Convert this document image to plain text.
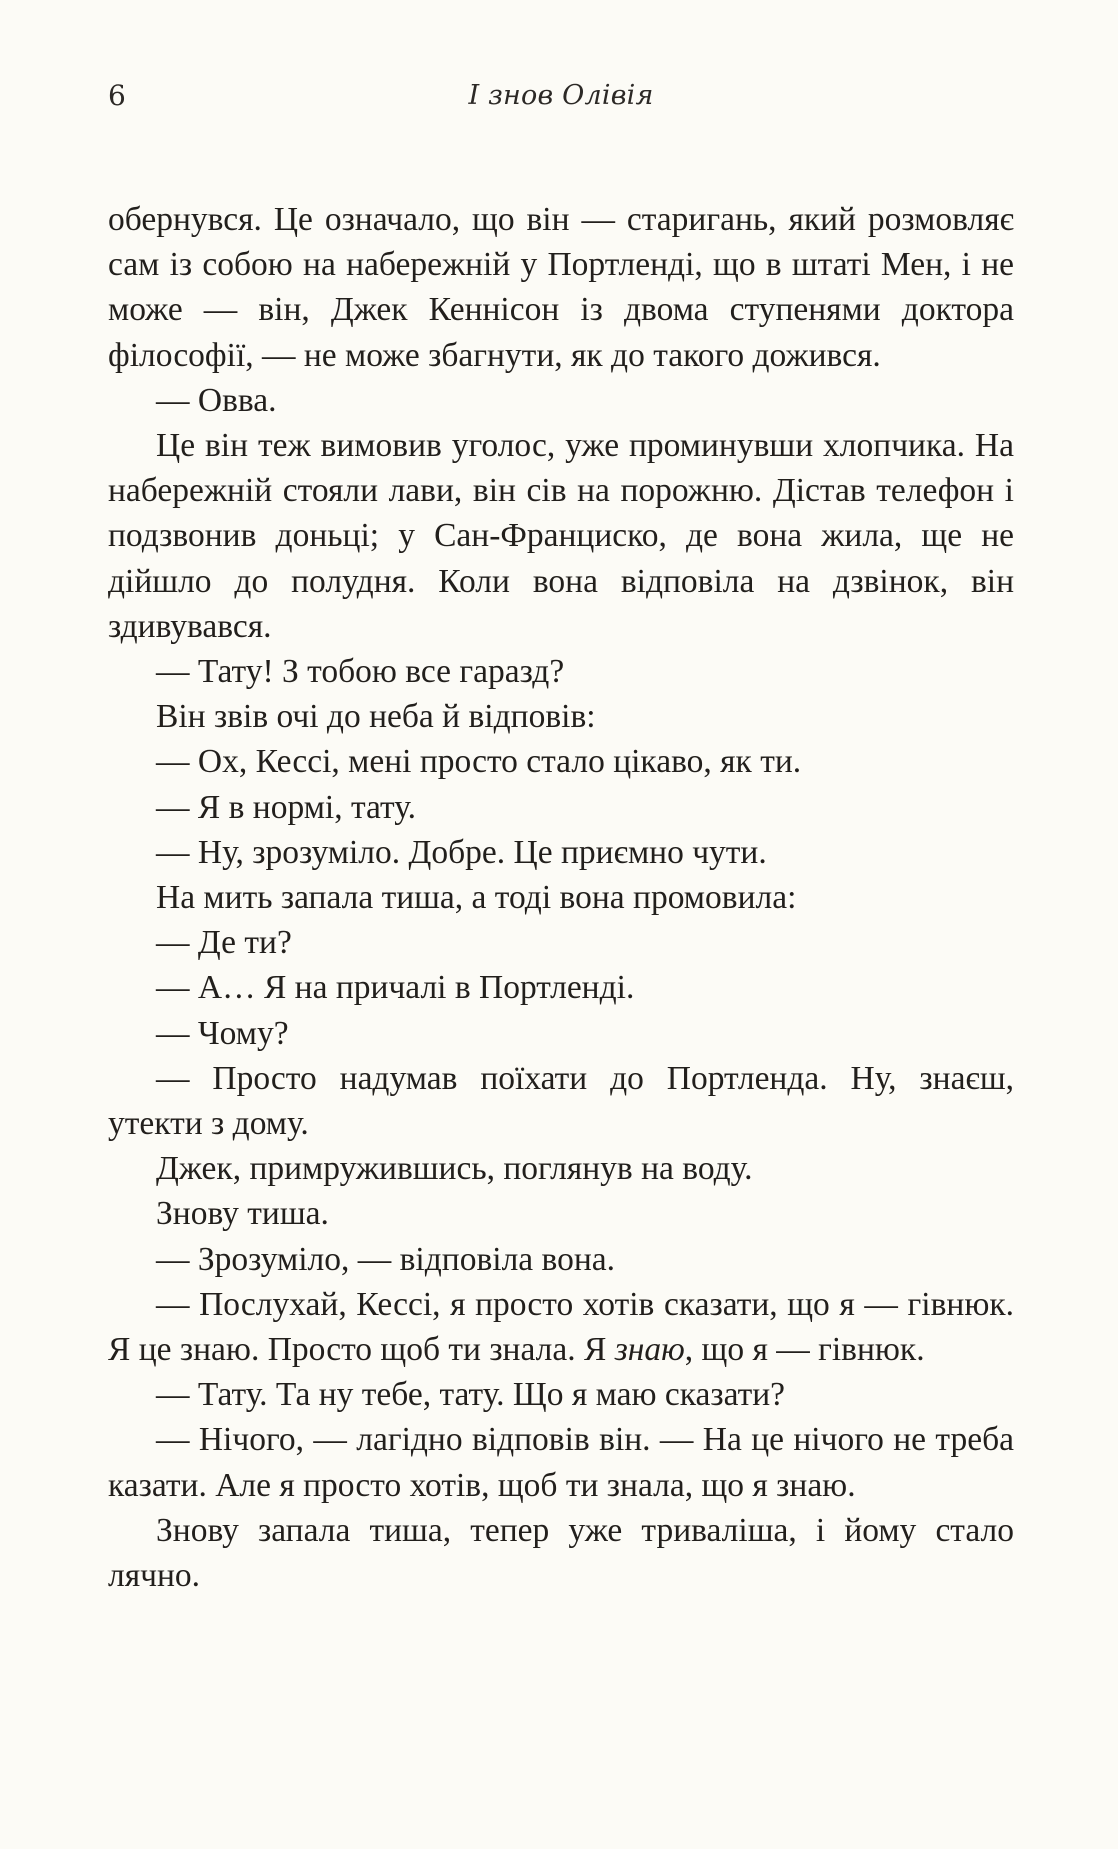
6	І знов Олівія

обернувся. Це означало, що він — старигань, який розмовляє сам із собою на набережній у Портленді, що в штаті Мен, і не може — він, Джек Кеннісон із двома ступенями доктора філософії, — не може збагнути, як до такого дожився.

— Овва.

Це він теж вимовив уголос, уже проминувши хлопчика. На набережній стояли лави, він сів на порожню. Дістав телефон і подзвонив доньці; у Сан-Франциско, де вона жила, ще не дійшло до полудня. Коли вона відповіла на дзвінок, він здивувався.

— Тату! З тобою все гаразд?

Він звів очі до неба й відповів:

— Ох, Кессі, мені просто стало цікаво, як ти.

— Я в нормі, тату.

— Ну, зрозуміло. Добре. Це приємно чути.

На мить запала тиша, а тоді вона промовила:

— Де ти?

— А… Я на причалі в Портленді.

— Чому?

— Просто надумав поїхати до Портленда. Ну, знаєш, утекти з дому.

Джек, примружившись, поглянув на воду.

Знову тиша.

— Зрозуміло, — відповіла вона.

— Послухай, Кессі, я просто хотів сказати, що я — гівнюк. Я це знаю. Просто щоб ти знала. Я знаю, що я — гівнюк.

— Тату. Та ну тебе, тату. Що я маю сказати?

— Нічого, — лагідно відповів він. — На це нічого не треба казати. Але я просто хотів, щоб ти знала, що я знаю.

Знову запала тиша, тепер уже триваліша, і йому стало лячно.
